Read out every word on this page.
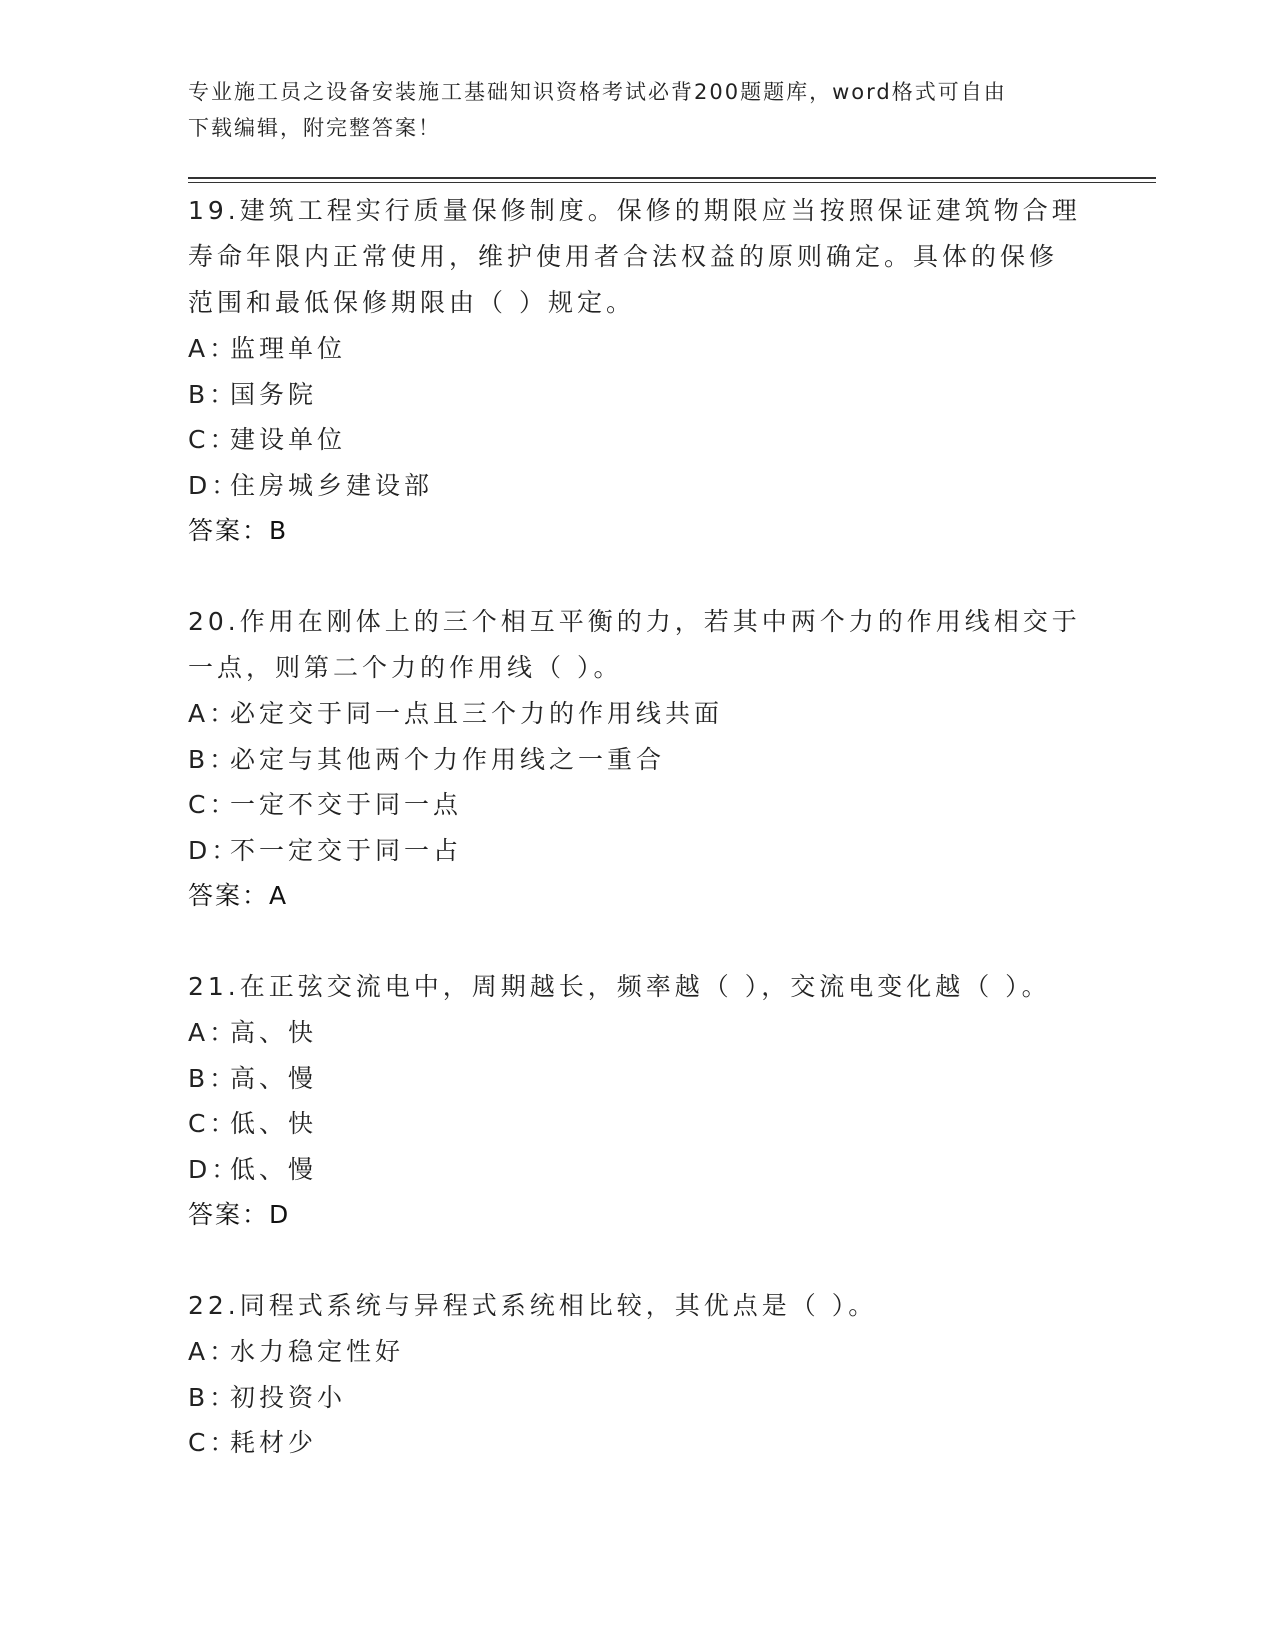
专业施工员之设备安装施工基础知识资格考试必背200题题库，word格式可自由
下载编辑，附完整答案！

19.建筑工程实行质量保修制度。保修的期限应当按照保证建筑物合理

寿命年限内正常使用，维护使用者合法权益的原则确定。具体的保修

范围和最低保修期限由（ ）规定。

A：监理单位

B：国务院

C：建设单位

D：住房城乡建设部

答案：B

20.作用在刚体上的三个相互平衡的力，若其中两个力的作用线相交于

一点，则第二个力的作用线（ ）。

A：必定交于同一点且三个力的作用线共面

B：必定与其他两个力作用线之一重合

C：一定不交于同一点

D：不一定交于同一占

答案：A

21.在正弦交流电中，周期越长，频率越（ ），交流电变化越（ ）。

A：高、快

B：高、慢

C：低、快

D：低、慢

答案：D

22.同程式系统与异程式系统相比较，其优点是（ ）。

A：水力稳定性好

B：初投资小

C：耗材少
